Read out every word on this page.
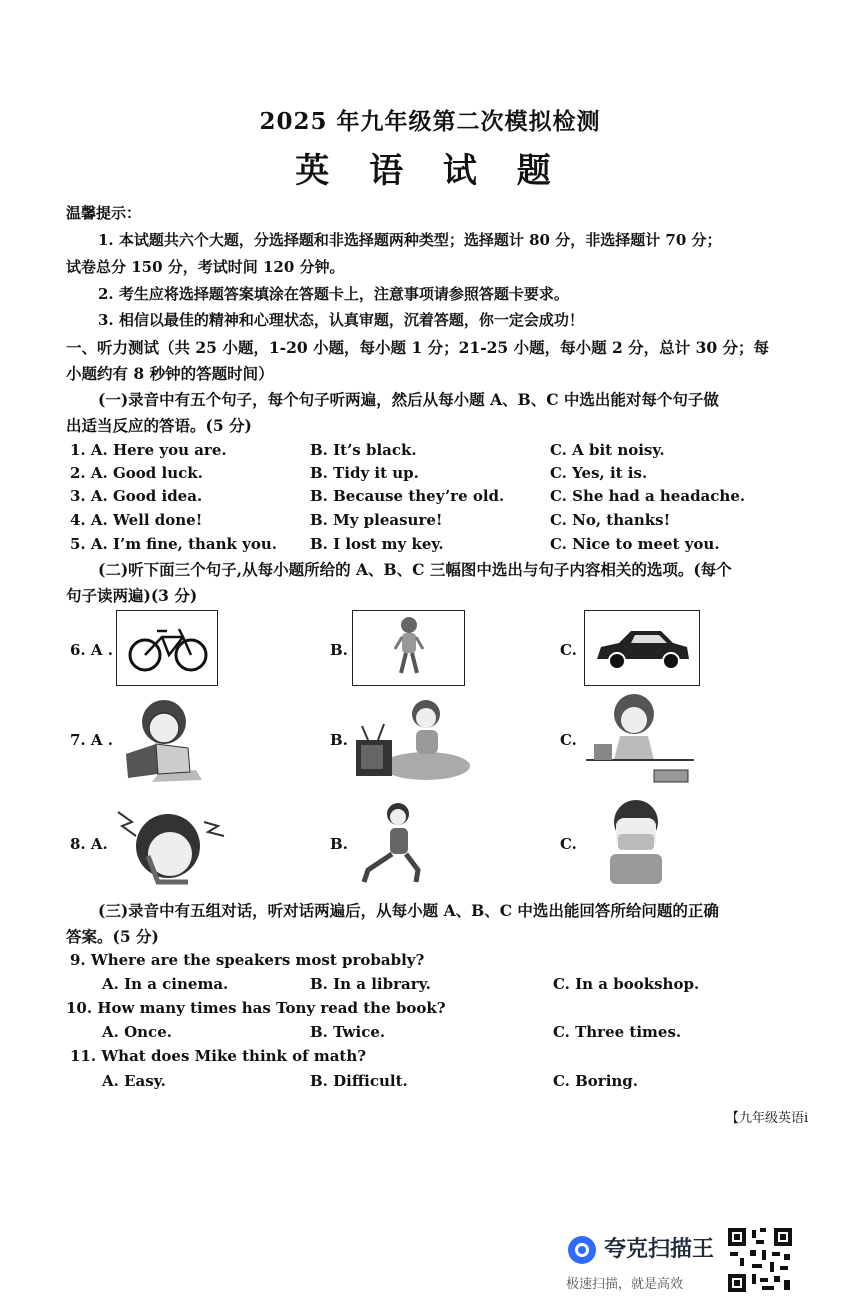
2025 年九年级第二次模拟检测
英 语 试 题
温馨提示：
1. 本试题共六个大题，分选择题和非选择题两种类型；选择题计 80 分，非选择题计 70 分；
试卷总分 150 分，考试时间 120 分钟。
2. 考生应将选择题答案填涂在答题卡上，注意事项请参照答题卡要求。
3. 相信以最佳的精神和心理状态，认真审题，沉着答题，你一定会成功！
一、听力测试（共 25 小题，1-20 小题，每小题 1 分；21-25 小题，每小题 2 分，总计 30 分；每
小题约有 8 秒钟的答题时间）
(一)录音中有五个句子，每个句子听两遍，然后从每小题 A、B、C 中选出能对每个句子做
出适当反应的答语。(5 分)
1. A. Here you are.	B. It’s black.	C. A bit noisy.
2. A. Good luck.	B. Tidy it up.	C. Yes, it is.
3. A. Good idea.	B. Because they’re old.	C. She had a headache.
4. A. Well done!	B. My pleasure!	C. No, thanks!
5. A. I’m fine, thank you. B. I lost my key.	C. Nice to meet you.
(二)听下面三个句子,从每小题所给的 A、B、C 三幅图中选出与句子内容相关的选项。(每个
句子读两遍)(3 分)
6. A .	B.	C.
7. A .	B.	C.
8. A.	B.	C.
(三)录音中有五组对话，听对话两遍后，从每小题 A、B、C 中选出能回答所给问题的正确
答案。(5 分)
9. Where are the speakers most probably?
A. In a cinema.	B. In a library.	C. In a bookshop.
10. How many times has Tony read the book?
A. Once.	B. Twice.	C. Three times.
11. What does Mike think of math?
A. Easy.	B. Difficult.	C. Boring.
【九年级英语i
夸克扫描王
极速扫描，就是高效
